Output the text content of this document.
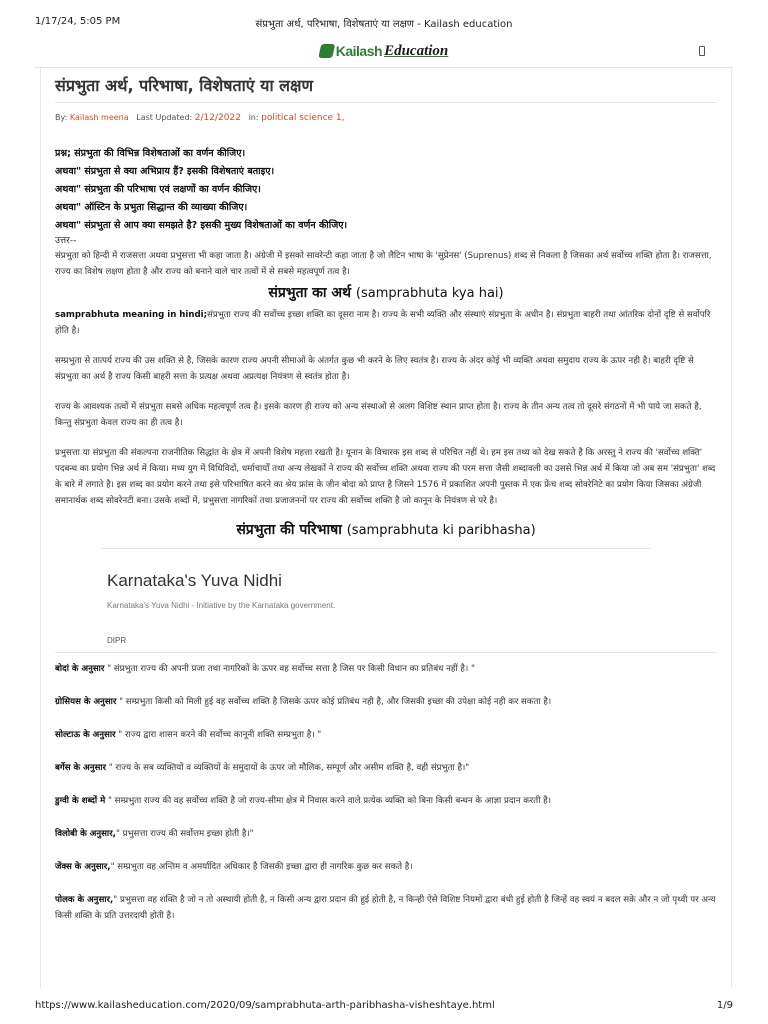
1/17/24, 5:05 PM	संप्रभुता अर्थ, परिभाषा, विशेषताएं या लक्षण - Kailash education
Kailash Education
संप्रभुता अर्थ, परिभाषा, विशेषताएं या लक्षण
By: Kailash meena Last Updated: 2/12/2022 in: political science 1,
प्रश्न; संप्रभुता की विभिन्न विशेषताओं का वर्णन कीजिए।
अथवा" संप्रभुता से क्या अभिप्राय हैं? इसकी विशेषताएं बताइए।
अथवा" संप्रभुता की परिभाषा एवं लक्षणों का वर्णन कीजिए।
अथवा" ऑस्टिन के प्रभुता सिद्धान्त की व्याख्या कीजिए।
अथवा" संप्रभुता से आप क्या समझते है? इसकी मुख्य विशेषताओं का वर्णन कीजिए।
उत्तर--

संप्रभुता को हिन्दी में राजसत्ता अथवा प्रभुसत्ता भी कहा जाता है। अंग्रेजी में इसको सावरेन्टी कहा जाता है जो लैटिन भाषा के 'सुप्रेनस' (Suprenus) शब्द से निकला है जिसका अर्थ सर्वोच्च शक्ति होता है। राजसत्ता, राज्य का विशेष लक्षण होता है और राज्य को बनाने वाले चार तत्वों में से सबसे महत्वपूर्ण तत्व है।

संप्रभुता का अर्थ (samprabhuta kya hai)

samprabhuta meaning in hindi;संप्रभुता राज्य की सर्वोच्च इच्छा शक्ति का दूसरा नाम है। राज्य के सभी व्यक्ति और संस्थाएं संप्रभुता के अधीन है। संप्रभुता बाहरी तथा आंतरिक दोनों दृष्टि से सर्वोपरि होति है।

सम्प्रभुता से तात्पर्य राज्य की उस शक्ति से है, जिसके कारण राज्य अपनी सीमाओं के अंतर्गत कुछ भी करने के लिए स्वतंत्र है। राज्य के अंदर कोई भी व्यक्ति अथवा समुदाय राज्य के ऊपर नही है। बाहरी दृष्टि से संप्रभुता का अर्थ है राज्य किसी बाहरी सत्ता के प्रत्यक्ष अथवा अप्रत्यक्ष नियंत्रण से स्वतंत्र होता है।

राज्य के आवश्यक तत्वों में संप्रभुता सबसे अधिक महत्वपूर्ण तत्व है। इसके कारण ही राज्य को अन्य संस्थाओं से अलग विशिष्ट स्थान प्राप्त होता है। राज्य के तीन अन्य तत्व तो दूसरे संगठनों में भी पाये जा सकते है, किन्तु संप्रभुता केवल राज्य का ही तत्व है।

प्रभुसत्ता या संप्रभुता की संकल्पना राजनीतिक सिद्धांत के क्षेत्र में अपनी विशेष महत्ता रखती है। यूनान के विचारक इस शब्द से परिचित नहीं थे। हम इस तथ्य को देख सकते है कि अरस्तु ने राज्य की 'सर्वोच्च शक्ति' पदबन्ध का प्रयोग भिन्न अर्थ में किया। मध्य युग में विधिविदों, धर्माचार्यों तथा अन्य लेखकों ने राज्य की सर्वोच्च शक्ति अथवा राज्य की परम सत्ता जैसी शब्दावली का उससे भिन्न अर्थ में किया जो अब सम 'संप्रभुता' शब्द के बारे में लगाते है। इस शब्द का प्रयोग करने तथा इसे परिभाषित करने का श्रेय फ्रांस के जीन बोदा को प्राप्त है जिसने 1576 में प्रकाशित अपनी पुस्तक में एक फ्रेंच शब्द सोवरेनिटे का प्रयोग किया जिसका अंग्रेजी समानार्थक शब्द सोवरेनटी बना। उसके शब्दों में, प्रभुसत्ता नागरिकों तथा प्रजाजननों पर राज्य की सर्वोच्च शक्ति है जो कानून के नियंत्रण से परे है।

संप्रभुता की परिभाषा (samprabhuta ki paribhasha)
Karnataka's Yuva Nidhi
Karnataka's Yuva Nidhi - Initiative by the Karnataka government.
DIPR

बोदां के अनुसार " संप्रभुता राज्य की अपनी प्रजा तथा नागरिकों के ऊपर वह सर्वोच्च सत्ता है जिस पर किसी विधान का प्रतिबंध नहीं है। "

ग्रोसियस के अनुसार " सम्प्रभुता किसी को मिली हुई वह सर्वोच्च शक्ति है जिसके ऊपर कोई प्रतिबंध नही है, और जिसकी इच्छा की उपेक्षा कोई नही कर सकता है।

सोल्टाऊ के अनुसार " राज्य द्वारा शासन करने की सर्वोच्च कानूनी शक्ति सम्प्रभुता है। "

बर्गेस के अनुसार " राज्य के सब व्यक्तियों व व्यक्तियों के समुदायों के ऊपर जो मौलिक, सम्पूर्ण और असीम शक्ति है, वही संप्रभुता है।"

डुग्वी के शब्दों मे " सम्प्रभुता राज्य की वह सर्वोच्च शक्ति है जो राज्य-सीमा क्षेत्र मे निवास करने वाले प्रत्येक व्यक्ति को बिना किसी बन्धन के आज्ञा प्रदान करती है।

विलोबी के अनुसार," प्रभुसत्ता राज्य की सर्वोत्तम इच्छा होती है।"

जेंक्स के अनुसार," सम्प्रभुता वह अन्तिम व अमर्यादित अधिकार है जिसकी इच्छा द्वारा ही नागरिक कुछ कर सकते है।

पोलक के अनुसार," प्रभुसत्ता वह शक्ति है जो न तो अस्थायी होती है, न किसी अन्य द्वारा प्रदान की हुई होती है, न किन्ही ऐसे विशिष्ट नियमों द्वारा बंधी हुई होती है जिन्हें वह स्वयं न बदल सके और न जो पृथ्वी पर अन्य किसी शक्ति के प्रति उत्तरदायी होती है।

https://www.kailasheducation.com/2020/09/samprabhuta-arth-paribhasha-visheshtaye.html	1/9
